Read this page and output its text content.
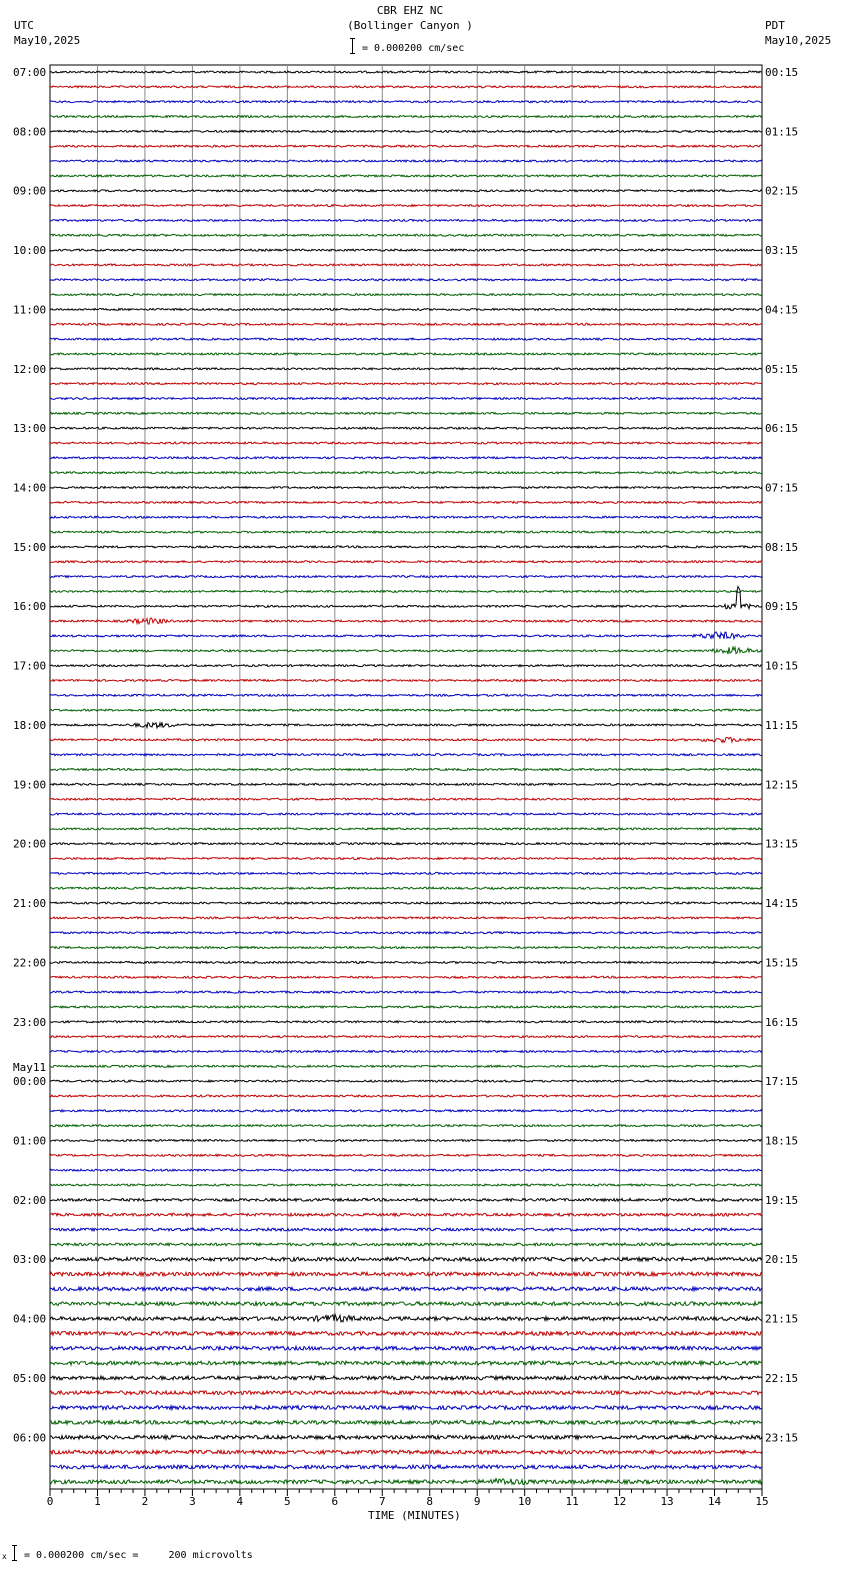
0	1	2	3	4	5	6	7	8	9	10	11	12	13	14	15
07:00	00:15
08:00	01:15
09:00	02:15
10:00	03:15
11:00	04:15
12:00	05:15
13:00	06:15
14:00	07:15
15:00	08:15
16:00	09:15
17:00	10:15
18:00	11:15
19:00	12:15
20:00	13:15
21:00	14:15
22:00	15:15
23:00	16:15
00:00	17:15
May11
01:00	18:15
02:00	19:15
03:00	20:15
04:00	21:15
05:00	22:15
06:00	23:15
CBR EHZ NC
(Bollinger Canyon )
= 0.000200 cm/sec
UTC
May10,2025
PDT
May10,2025
TIME (MINUTES)
x = 0.000200 cm/sec =     200 microvolts
